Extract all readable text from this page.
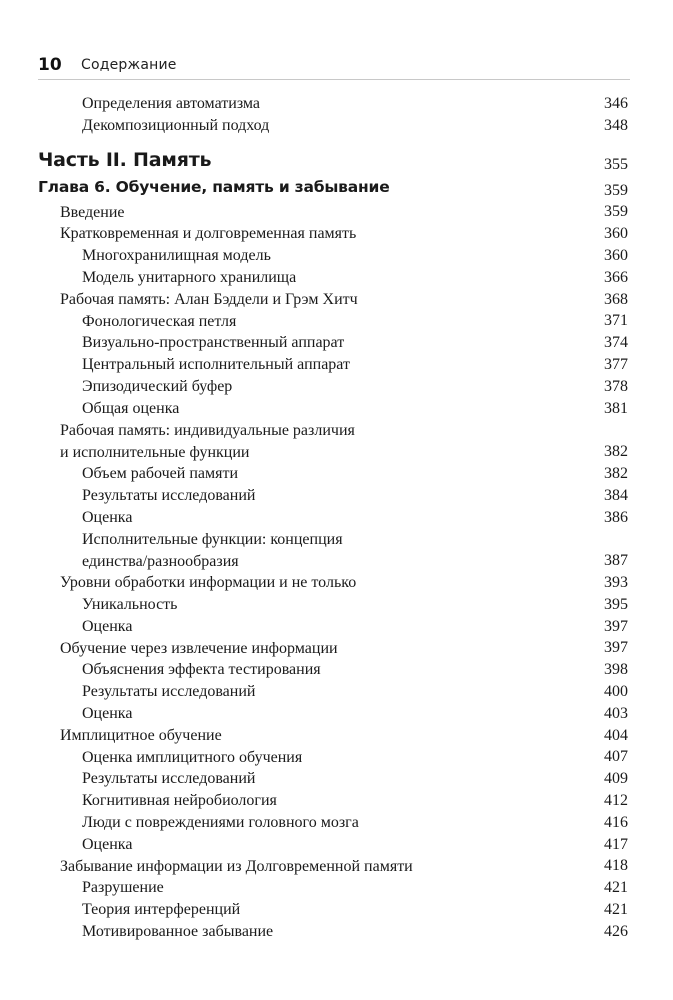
10 Содержание
Определения автоматизма	346
Декомпозиционный подход	348
Часть II. Память	355
Глава 6. Обучение, память и забывание	359
Введение	359
Кратковременная и долговременная память	360
Многохранилищная модель	360
Модель унитарного хранилища	366
Рабочая память: Алан Бэддели и Грэм Хитч	368
Фонологическая петля	371
Визуально-пространственный аппарат	374
Центральный исполнительный аппарат	377
Эпизодический буфер	378
Общая оценка	381
Рабочая память: индивидуальные различия
и исполнительные функции	382
Объем рабочей памяти	382
Результаты исследований	384
Оценка	386
Исполнительные функции: концепция
единства/разнообразия	387
Уровни обработки информации и не только	393
Уникальность	395
Оценка	397
Обучение через извлечение информации	397
Объяснения эффекта тестирования	398
Результаты исследований	400
Оценка	403
Имплицитное обучение	404
Оценка имплицитного обучения	407
Результаты исследований	409
Когнитивная нейробиология	412
Люди с повреждениями головного мозга	416
Оценка	417
Забывание информации из Долговременной памяти	418
Разрушение	421
Теория интерференций	421
Мотивированное забывание	426
